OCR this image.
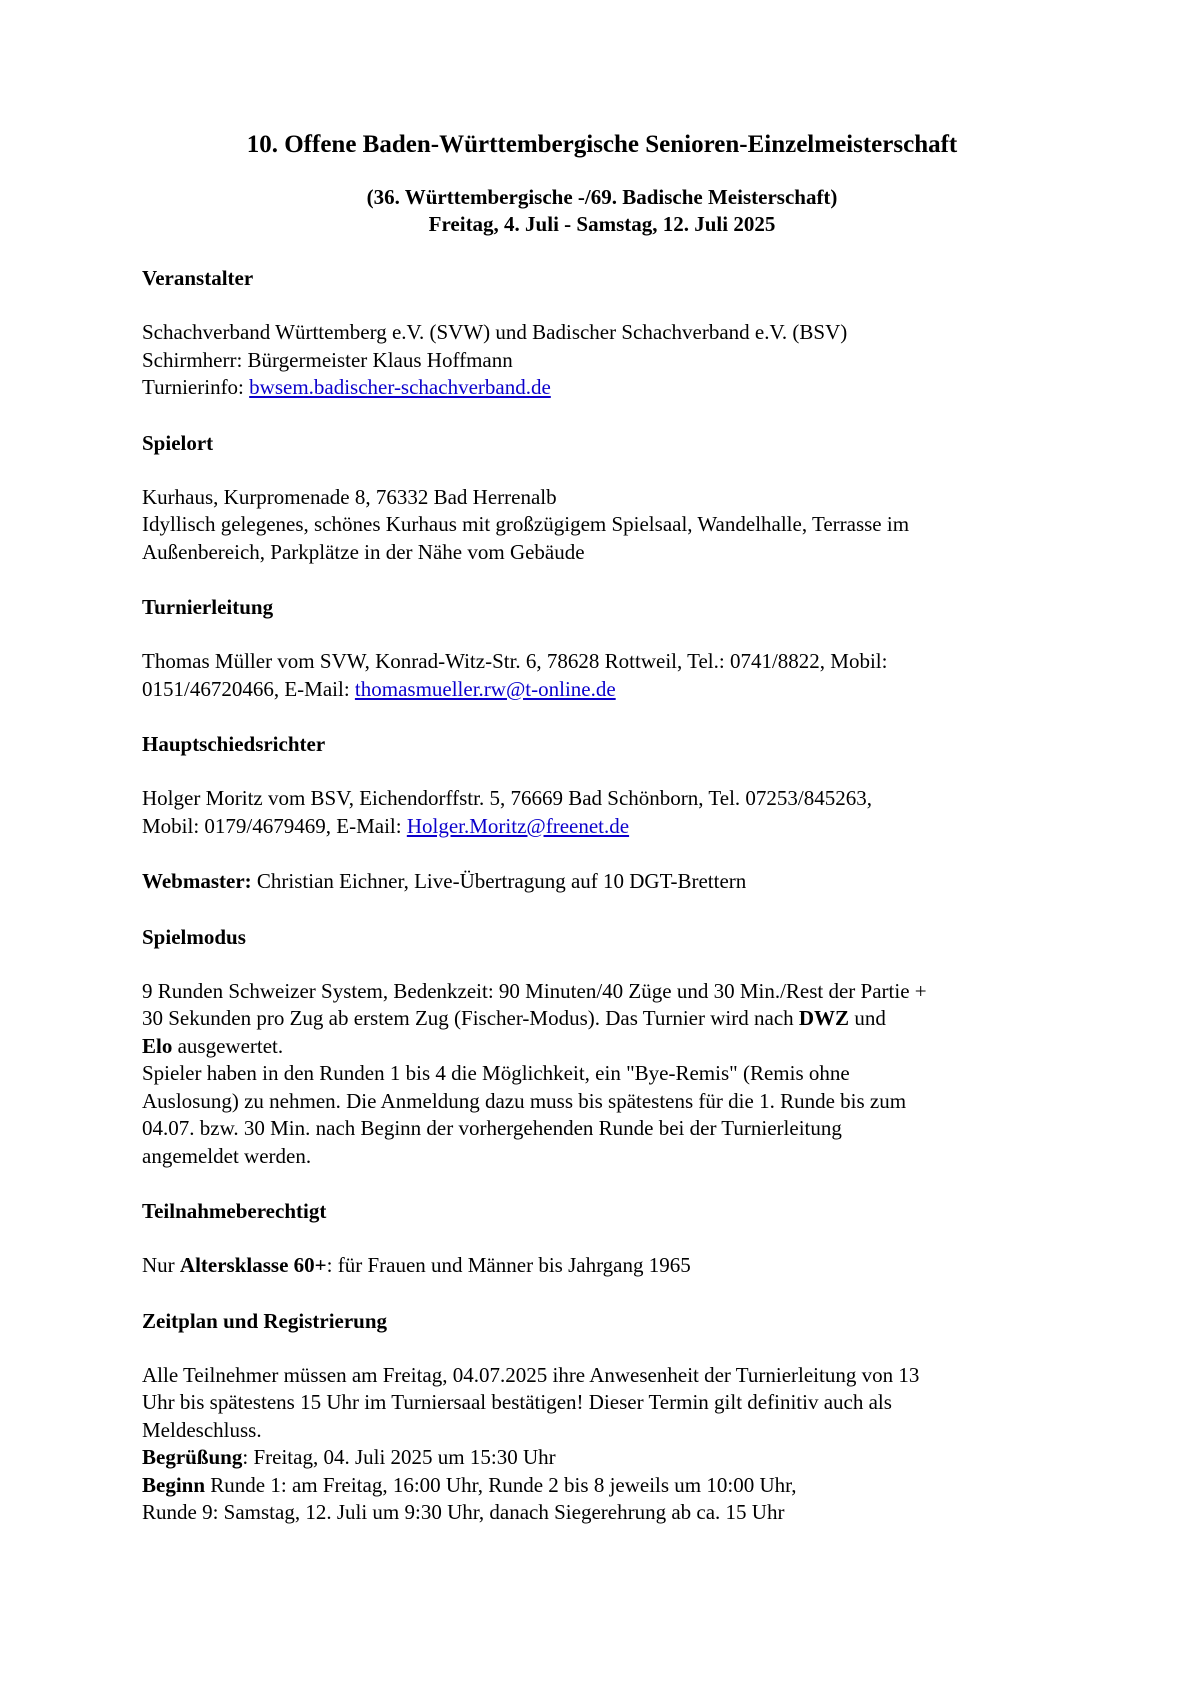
10. Offene Baden-Württembergische Senioren-Einzelmeisterschaft

(36. Württembergische -/69. Badische Meisterschaft)

Freitag, 4. Juli - Samstag, 12. Juli 2025

Veranstalter

Schachverband Württemberg e.V. (SVW) und Badischer Schachverband e.V. (BSV)

Schirmherr: Bürgermeister Klaus Hoffmann

Turnierinfo: bwsem.badischer-schachverband.de

Spielort

Kurhaus, Kurpromenade 8, 76332 Bad Herrenalb

Idyllisch gelegenes, schönes Kurhaus mit großzügigem Spielsaal, Wandelhalle, Terrasse im

Außenbereich, Parkplätze in der Nähe vom Gebäude

Turnierleitung

Thomas Müller vom SVW, Konrad-Witz-Str. 6, 78628 Rottweil, Tel.: 0741/8822, Mobil:

0151/46720466, E-Mail: thomasmueller.rw@t-online.de

Hauptschiedsrichter

Holger Moritz vom BSV, Eichendorffstr. 5, 76669 Bad Schönborn, Tel. 07253/845263,

Mobil: 0179/4679469, E-Mail: Holger.Moritz@freenet.de

Webmaster: Christian Eichner, Live-Übertragung auf 10 DGT-Brettern

Spielmodus

9 Runden Schweizer System, Bedenkzeit: 90 Minuten/40 Züge und 30 Min./Rest der Partie +

30 Sekunden pro Zug ab erstem Zug (Fischer-Modus). Das Turnier wird nach DWZ und

Elo ausgewertet.

Spieler haben in den Runden 1 bis 4 die Möglichkeit, ein "Bye-Remis" (Remis ohne

Auslosung) zu nehmen. Die Anmeldung dazu muss bis spätestens für die 1. Runde bis zum

04.07. bzw. 30 Min. nach Beginn der vorhergehenden Runde bei der Turnierleitung

angemeldet werden.

Teilnahmeberechtigt

Nur Altersklasse 60+: für Frauen und Männer bis Jahrgang 1965

Zeitplan und Registrierung

Alle Teilnehmer müssen am Freitag, 04.07.2025 ihre Anwesenheit der Turnierleitung von 13

Uhr bis spätestens 15 Uhr im Turniersaal bestätigen! Dieser Termin gilt definitiv auch als

Meldeschluss.

Begrüßung: Freitag, 04. Juli 2025 um 15:30 Uhr

Beginn Runde 1: am Freitag, 16:00 Uhr, Runde 2 bis 8 jeweils um 10:00 Uhr,

Runde 9: Samstag, 12. Juli um 9:30 Uhr, danach Siegerehrung ab ca. 15 Uhr
